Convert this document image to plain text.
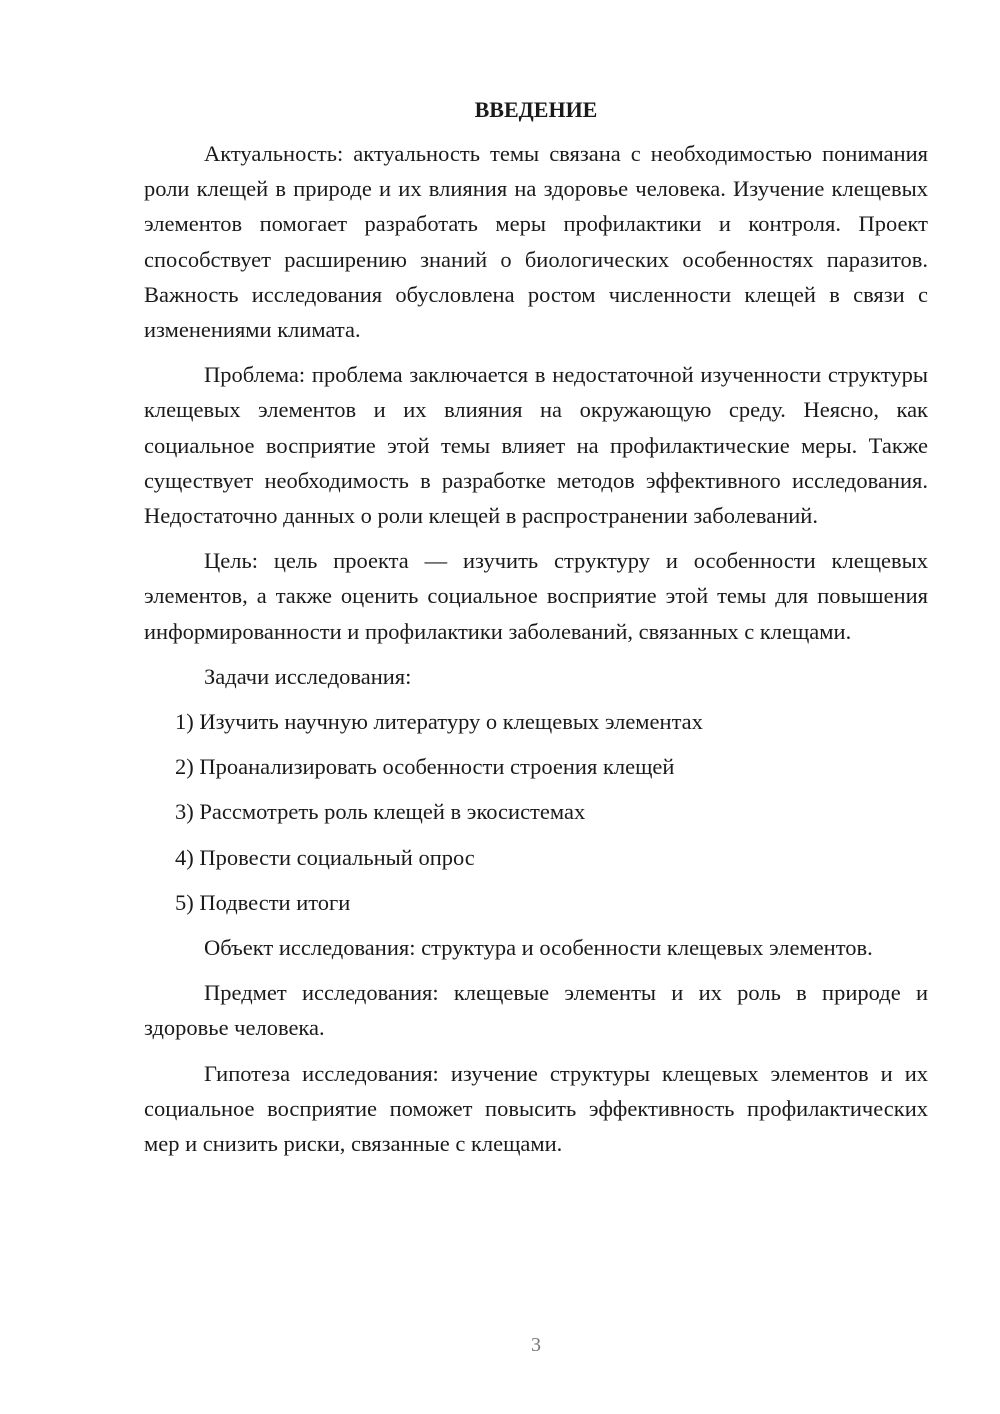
ВВЕДЕНИЕ

Актуальность: актуальность темы связана с необходимостью понимания роли клещей в природе и их влияния на здоровье человека. Изучение клещевых элементов помогает разработать меры профилактики и контроля. Проект способствует расширению знаний о биологических особенностях паразитов. Важность исследования обусловлена ростом численности клещей в связи с изменениями климата.

Проблема: проблема заключается в недостаточной изученности структуры клещевых элементов и их влияния на окружающую среду. Неясно, как социальное восприятие этой темы влияет на профилактические меры. Также существует необходимость в разработке методов эффективного исследования. Недостаточно данных о роли клещей в распространении заболеваний.

Цель: цель проекта — изучить структуру и особенности клещевых элементов, а также оценить социальное восприятие этой темы для повышения информированности и профилактики заболеваний, связанных с клещами.

Задачи исследования:

1) Изучить научную литературу о клещевых элементах
2) Проанализировать особенности строения клещей
3) Рассмотреть роль клещей в экосистемах
4) Провести социальный опрос
5) Подвести итоги

Объект исследования: структура и особенности клещевых элементов.

Предмет исследования: клещевые элементы и их роль в природе и здоровье человека.

Гипотеза исследования: изучение структуры клещевых элементов и их социальное восприятие поможет повысить эффективность профилактических мер и снизить риски, связанные с клещами.

3
